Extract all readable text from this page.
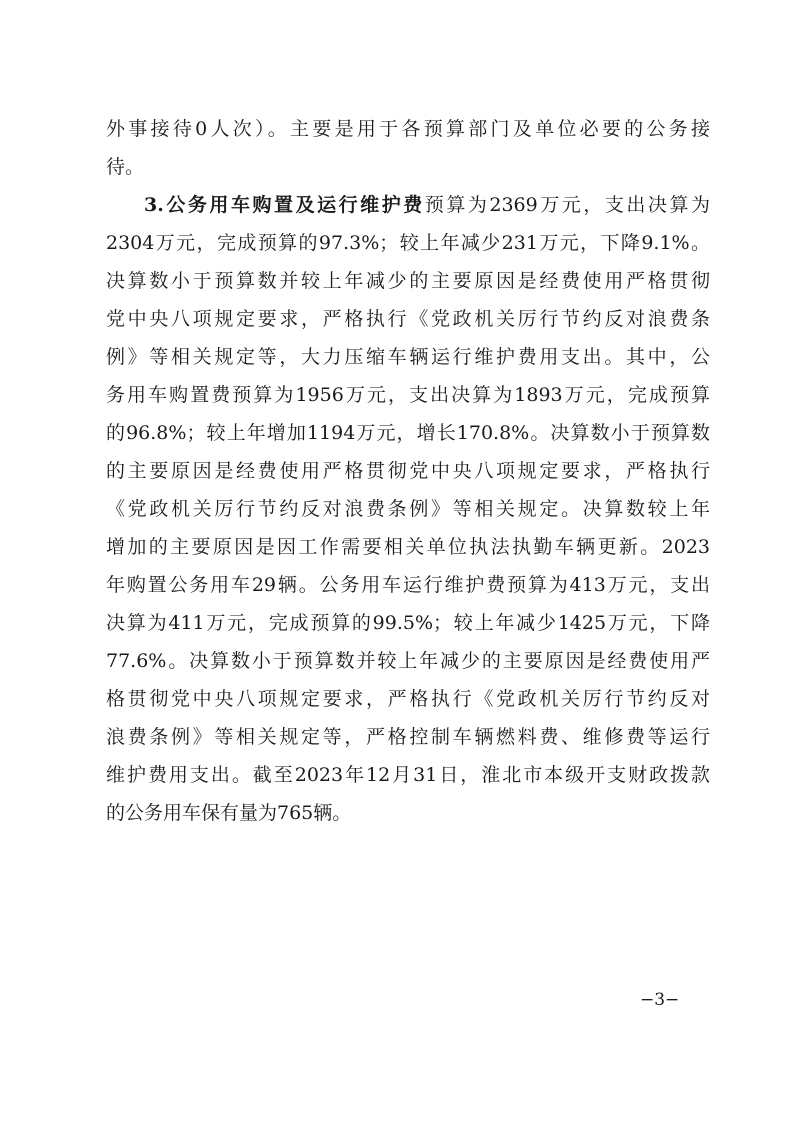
外事接待0人次）。主要是用于各预算部门及单位必要的公务接
待。
3.公务用车购置及运行维护费预算为2369万元，支出决算为
2304万元，完成预算的97.3%；较上年减少231万元，下降9.1%。
决算数小于预算数并较上年减少的主要原因是经费使用严格贯彻
党中央八项规定要求，严格执行《党政机关厉行节约反对浪费条
例》等相关规定等，大力压缩车辆运行维护费用支出。其中，公
务用车购置费预算为1956万元，支出决算为1893万元，完成预算
的96.8%；较上年增加1194万元，增长170.8%。决算数小于预算数
的主要原因是经费使用严格贯彻党中央八项规定要求，严格执行
《党政机关厉行节约反对浪费条例》等相关规定。决算数较上年
增加的主要原因是因工作需要相关单位执法执勤车辆更新。2023
年购置公务用车29辆。公务用车运行维护费预算为413万元，支出
决算为411万元，完成预算的99.5%；较上年减少1425万元，下降
77.6%。决算数小于预算数并较上年减少的主要原因是经费使用严
格贯彻党中央八项规定要求，严格执行《党政机关厉行节约反对
浪费条例》等相关规定等，严格控制车辆燃料费、维修费等运行
维护费用支出。截至2023年12月31日，淮北市本级开支财政拨款
的公务用车保有量为765辆。
−3−
